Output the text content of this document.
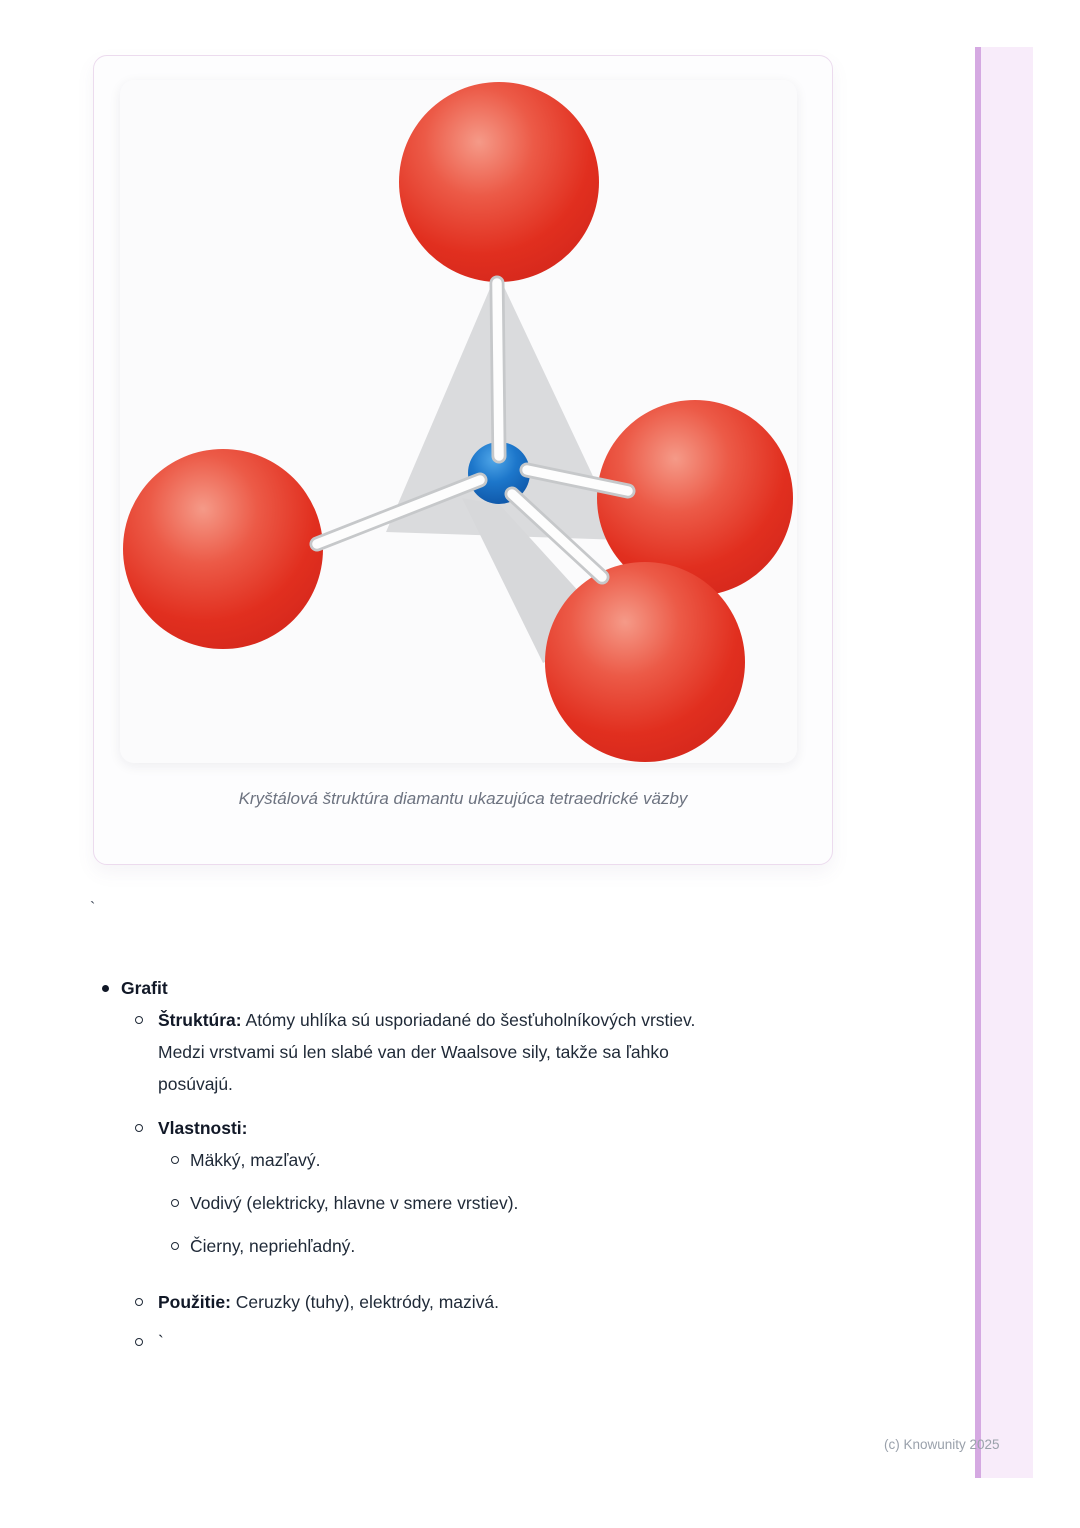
Kryštálová štruktúra diamantu ukazujúca tetraedrické väzby
`
Grafit
Štruktúra: Atómy uhlíka sú usporiadané do šesťuholníkových vrstiev.
Medzi vrstvami sú len slabé van der Waalsove sily, takže sa ľahko
posúvajú.
Vlastnosti:
Mäkký, mazľavý.
Vodivý (elektricky, hlavne v smere vrstiev).
Čierny, nepriehľadný.
Použitie: Ceruzky (tuhy), elektródy, mazivá.
`
(c) Knowunity 2025
